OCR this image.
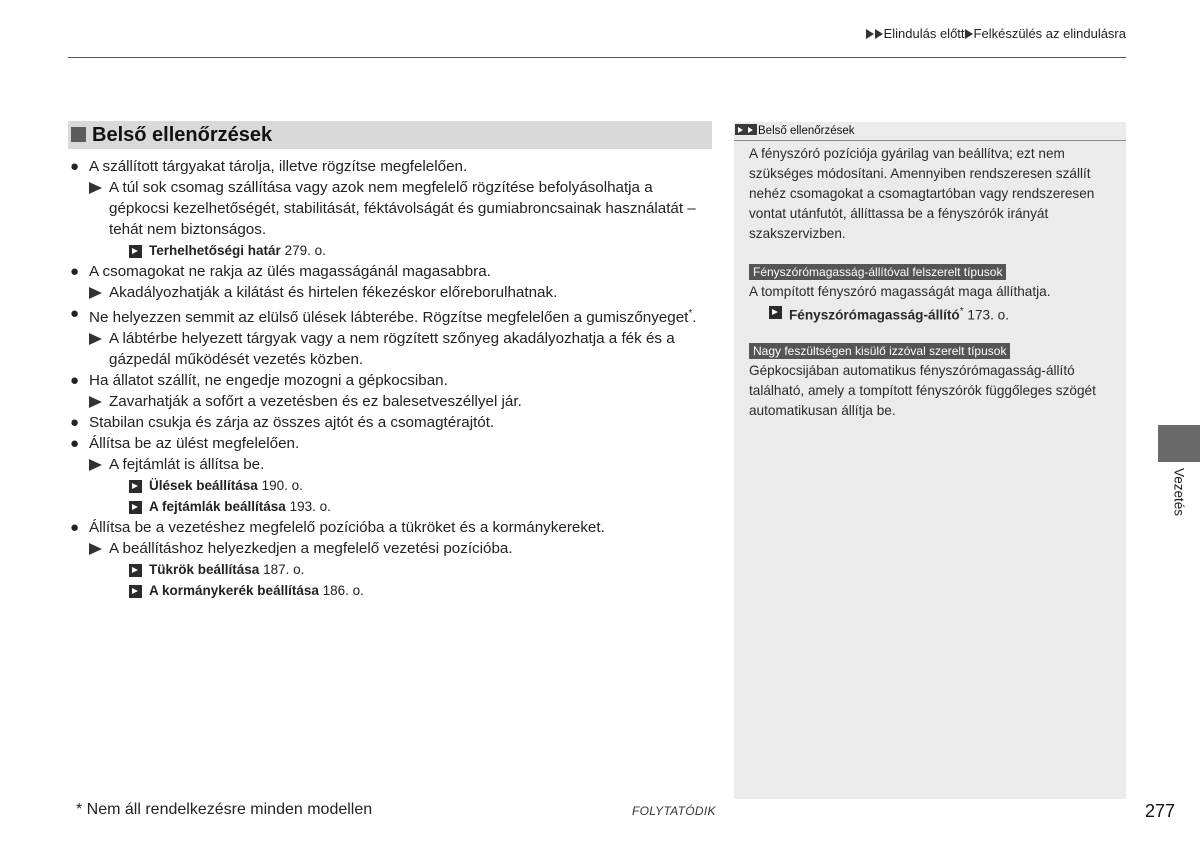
Elindulás előtt Felkészülés az elindulásra
Belső ellenőrzések
● A szállított tárgyakat tárolja, illetve rögzítse megfelelően.
A túl sok csomag szállítása vagy azok nem megfelelő rögzítése befolyásolhatja a gépkocsi kezelhetőségét, stabilitását, féktávolságát és gumiabroncsainak használatát – tehát nem biztonságos.
Terhelhetőségi határ 279. o.
● A csomagokat ne rakja az ülés magasságánál magasabbra.
Akadályozhatják a kilátást és hirtelen fékezéskor előreborulhatnak.
● Ne helyezzen semmit az elülső ülések lábterébe. Rögzítse megfelelően a gumiszőnyeget*.
A lábtérbe helyezett tárgyak vagy a nem rögzített szőnyeg akadályozhatja a fék és a gázpedál működését vezetés közben.
● Ha állatot szállít, ne engedje mozogni a gépkocsiban.
Zavarhatják a sofőrt a vezetésben és ez balesetveszéllyel jár.
● Stabilan csukja és zárja az összes ajtót és a csomagtérajtót.
● Állítsa be az ülést megfelelően.
A fejtámlát is állítsa be.
Ülések beállítása 190. o.
A fejtámlák beállítása 193. o.
● Állítsa be a vezetéshez megfelelő pozícióba a tükröket és a kormánykereket.
A beállításhoz helyezkedjen a megfelelő vezetési pozícióba.
Tükrök beállítása 187. o.
A kormánykerék beállítása 186. o.
Belső ellenőrzések
A fényszóró pozíciója gyárilag van beállítva; ezt nem szükséges módosítani. Amennyiben rendszeresen szállít nehéz csomagokat a csomagtartóban vagy rendszeresen vontat utánfutót, állíttassa be a fényszórók irányát szakszervizben.
Fényszórómagasság-állítóval felszerelt típusok
A tompított fényszóró magasságát maga állíthatja.
Fényszórómagasság-állító* 173. o.
Nagy feszültségen kisülő izzóval szerelt típusok
Gépkocsijában automatikus fényszórómagasság-állító található, amely a tompított fényszórók függőleges szögét automatikusan állítja be.
Vezetés
* Nem áll rendelkezésre minden modellen	FOLYTATÓDIK	277
